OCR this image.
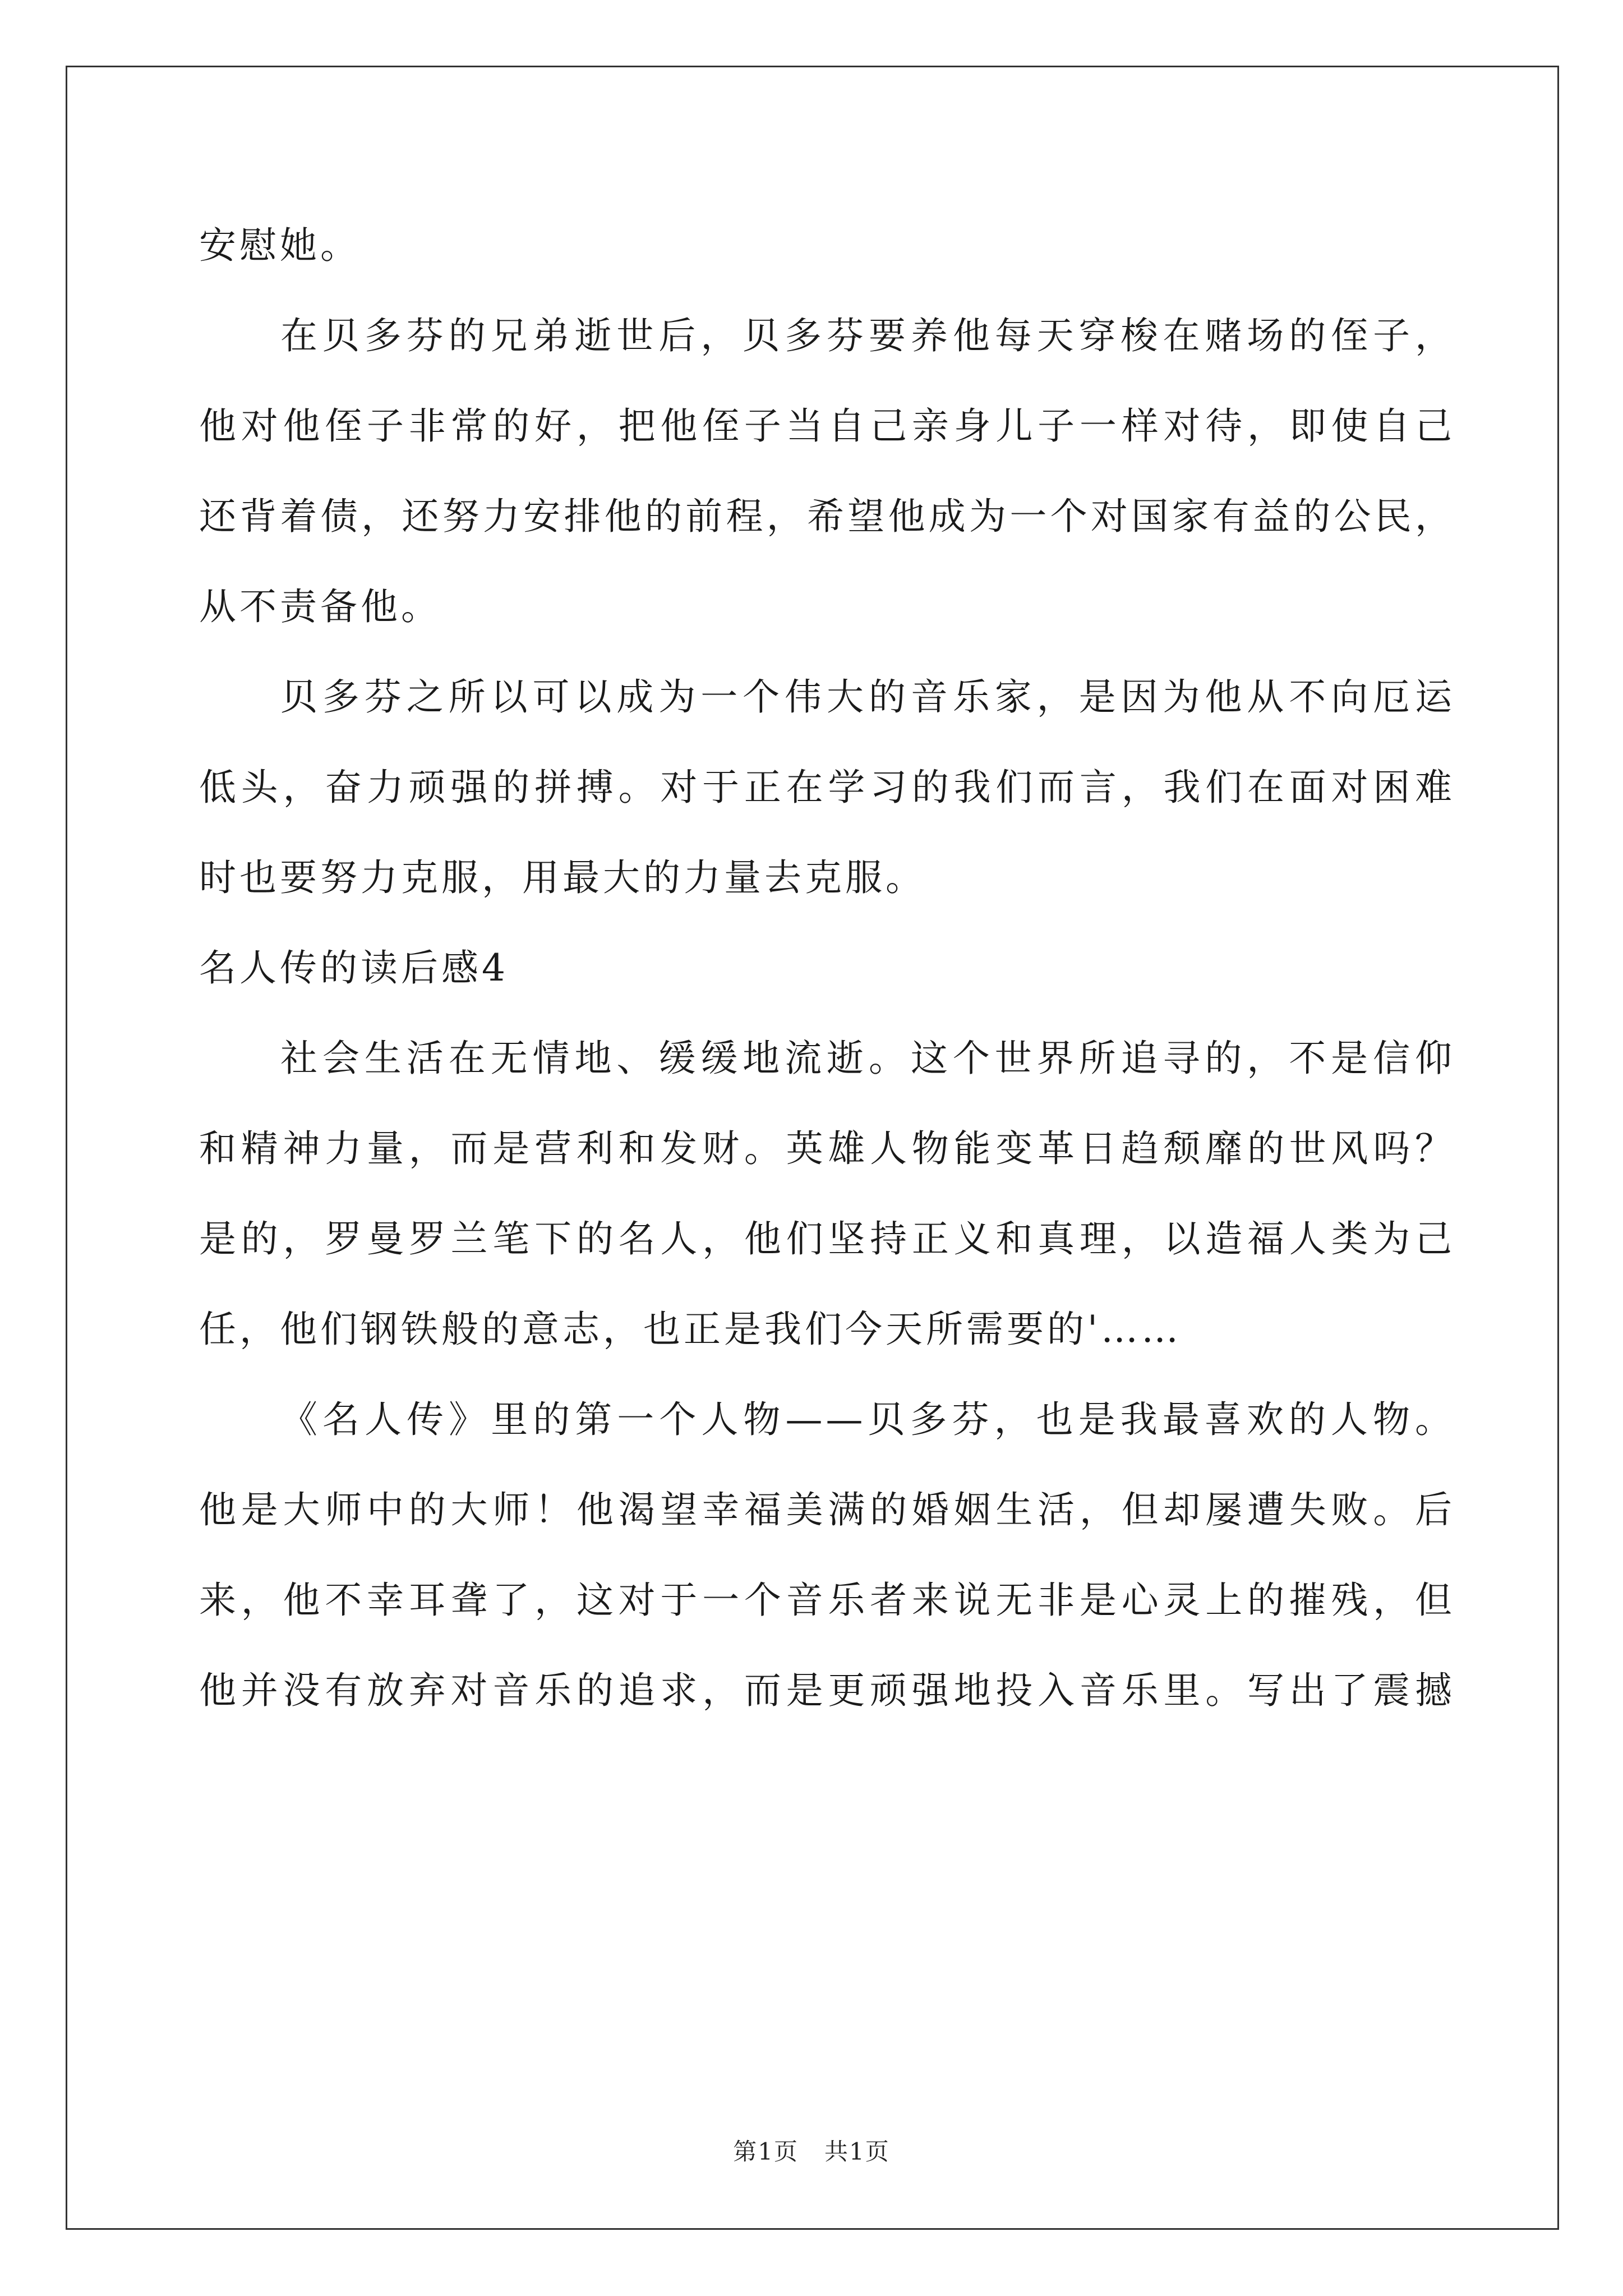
安慰她。
在贝多芬的兄弟逝世后，贝多芬要养他每天穿梭在赌场的侄子，
他对他侄子非常的好，把他侄子当自己亲身儿子一样对待，即使自己
还背着债，还努力安排他的前程，希望他成为一个对国家有益的公民，
从不责备他。
贝多芬之所以可以成为一个伟大的音乐家，是因为他从不向厄运
低头，奋力顽强的拼搏。对于正在学习的我们而言，我们在面对困难
时也要努力克服，用最大的力量去克服。
名人传的读后感4
社会生活在无情地、缓缓地流逝。这个世界所追寻的，不是信仰
和精神力量，而是营利和发财。英雄人物能变革日趋颓靡的世风吗？
是的，罗曼罗兰笔下的名人，他们坚持正义和真理，以造福人类为己
任，他们钢铁般的意志，也正是我们今天所需要的'……
《名人传》里的第一个人物——贝多芬，也是我最喜欢的人物。
他是大师中的大师！他渴望幸福美满的婚姻生活，但却屡遭失败。后
来，他不幸耳聋了，这对于一个音乐者来说无非是心灵上的摧残，但
他并没有放弃对音乐的追求，而是更顽强地投入音乐里。写出了震撼
第1页   共1页
